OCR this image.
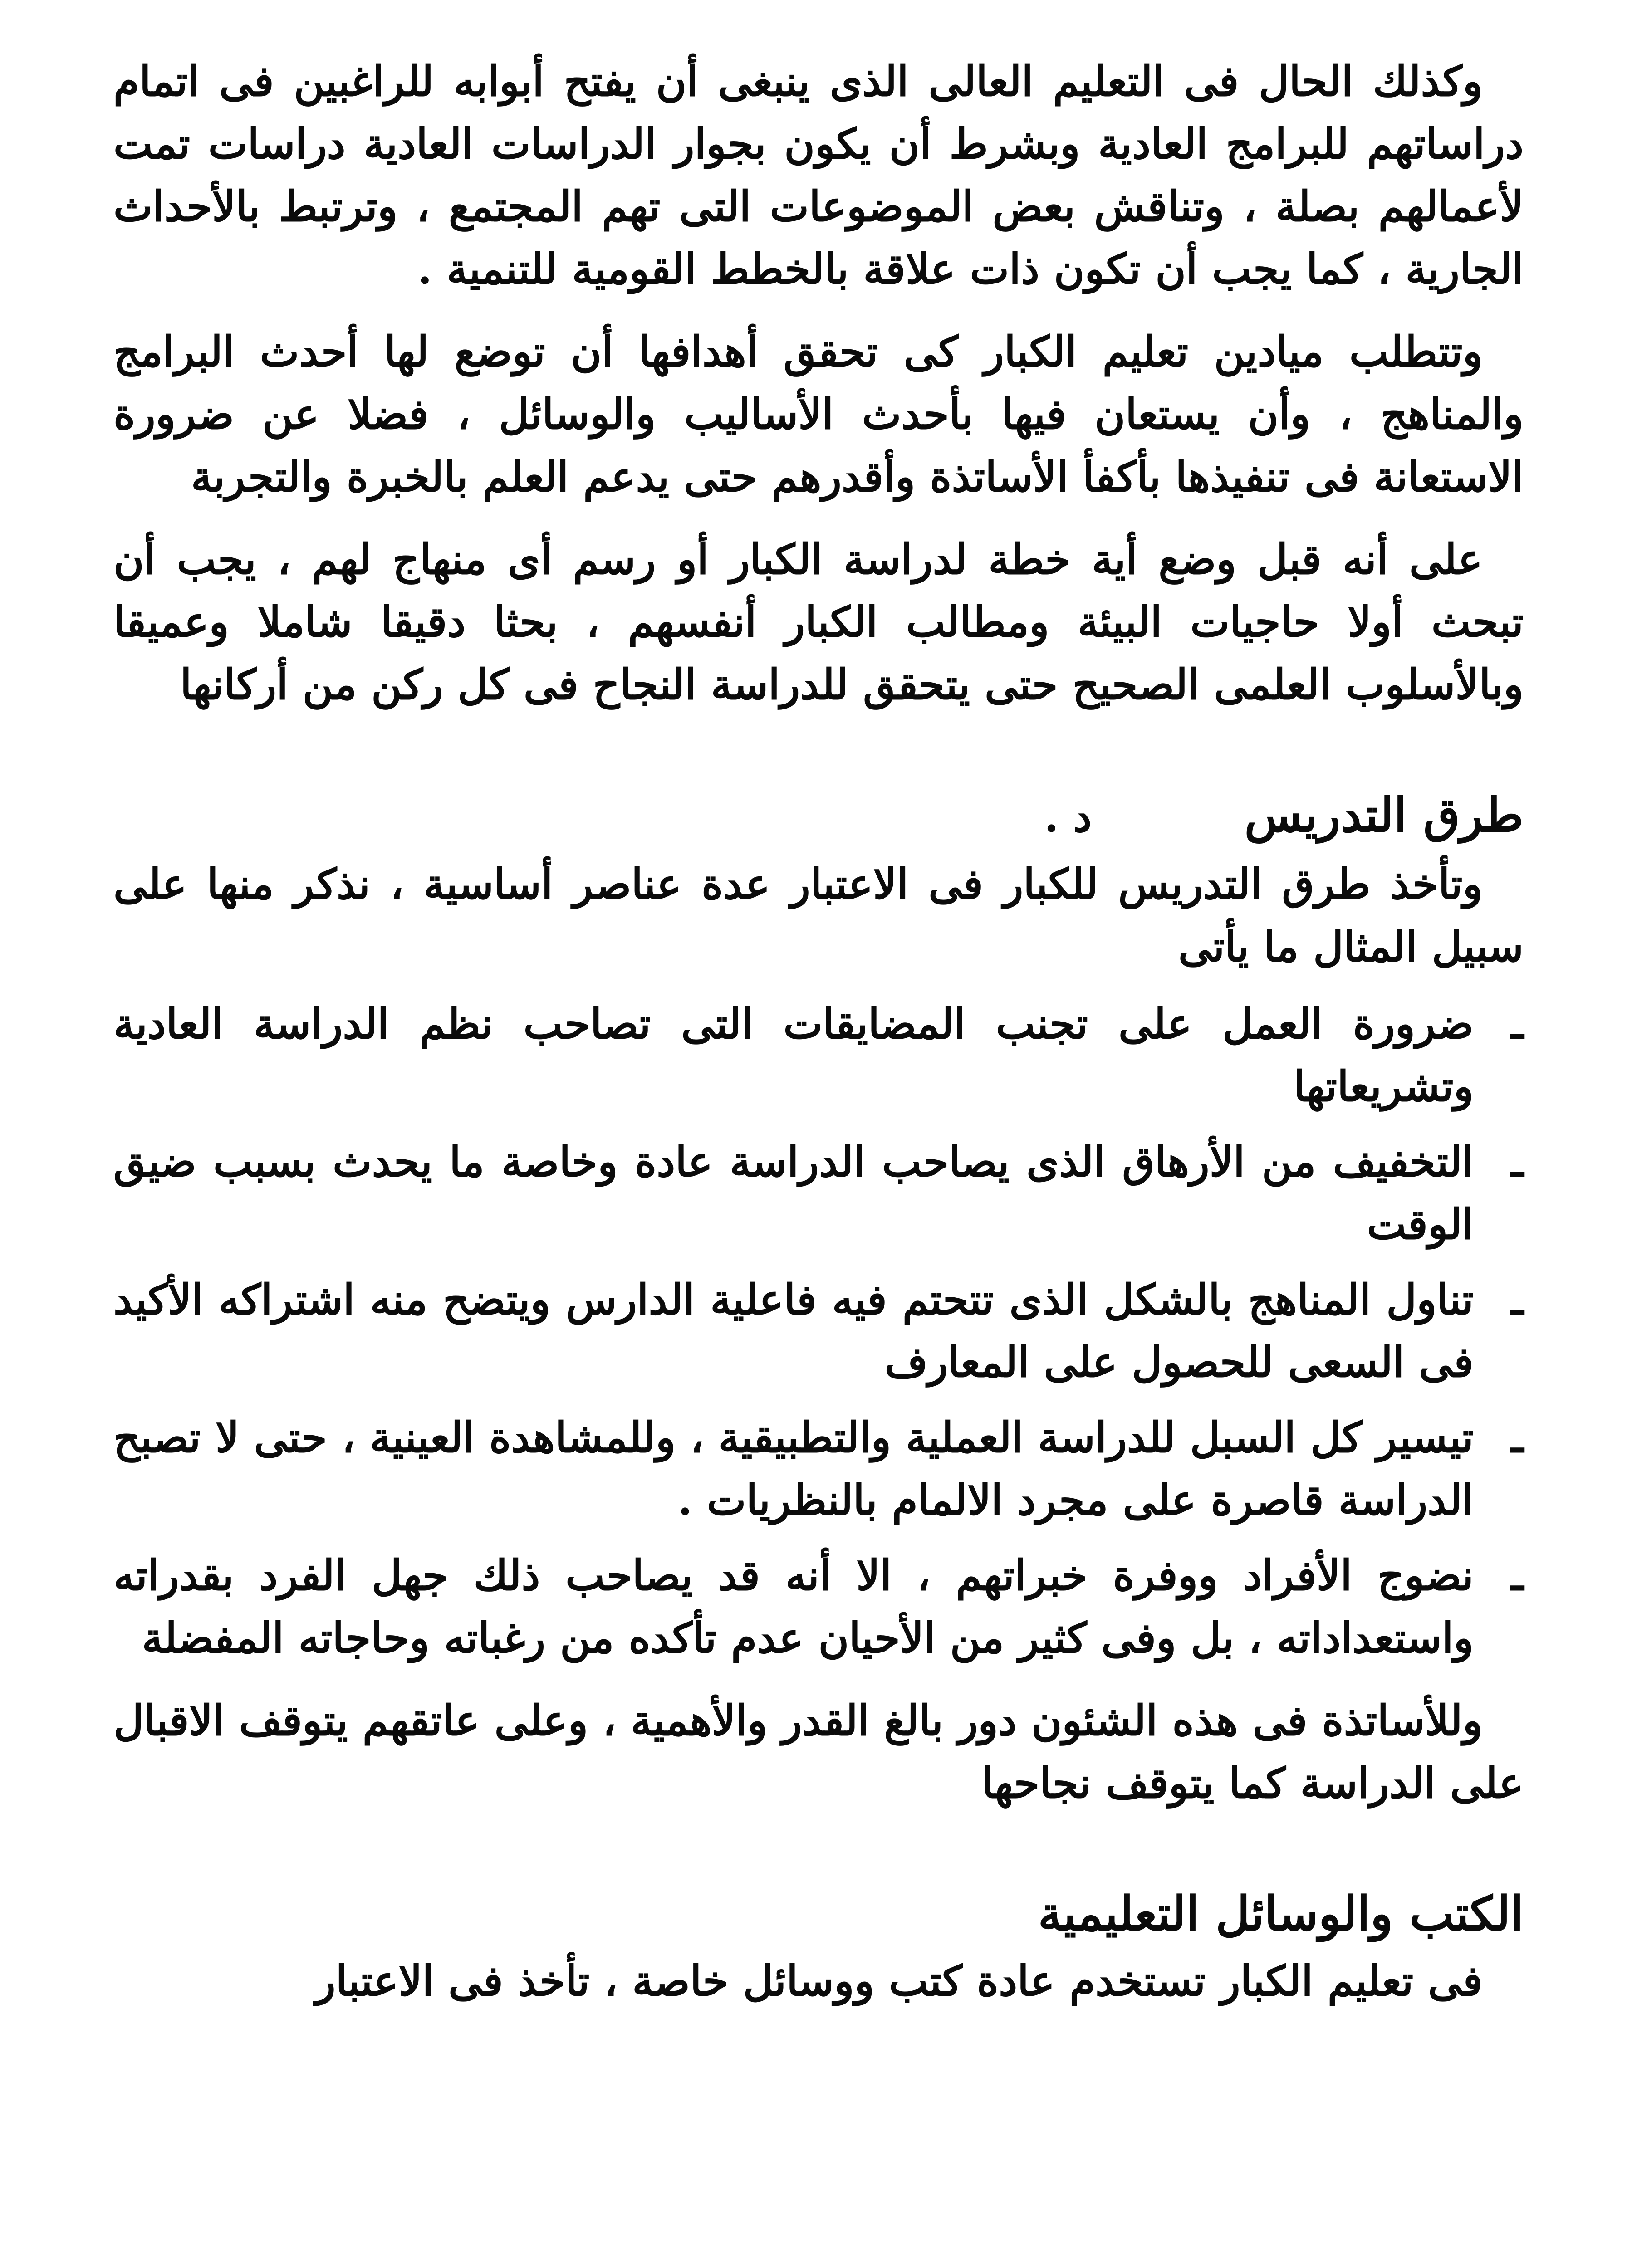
وكذلك الحال فى التعليم العالى الذى ينبغى أن يفتح أبوابه للراغبين فى اتمام دراساتهم للبرامج العادية وبشرط أن يكون بجوار الدراسات العادية دراسات تمت لأعمالهم بصلة ، وتناقش بعض الموضوعات التى تهم المجتمع ، وترتبط بالأحداث الجارية ، كما يجب أن تكون ذات علاقة بالخطط القومية للتنمية .

وتتطلب ميادين تعليم الكبار كى تحقق أهدافها أن توضع لها أحدث البرامج والمناهج ، وأن يستعان فيها بأحدث الأساليب والوسائل ، فضلا عن ضرورة الاستعانة فى تنفيذها بأكفأ الأساتذة وأقدرهم حتى يدعم العلم بالخبرة والتجربة

على أنه قبل وضع أية خطة لدراسة الكبار أو رسم أى منهاج لهم ، يجب أن تبحث أولا حاجيات البيئة ومطالب الكبار أنفسهم ، بحثا دقيقا شاملا وعميقا وبالأسلوب العلمى الصحيح حتى يتحقق للدراسة النجاح فى كل ركن من أركانها

طرق التدريس د .

وتأخذ طرق التدريس للكبار فى الاعتبار عدة عناصر أساسية ، نذكر منها على سبيل المثال ما يأتى

ـ
ضرورة العمل على تجنب المضايقات التى تصاحب نظم الدراسة العادية وتشريعاتها
ـ
التخفيف من الأرهاق الذى يصاحب الدراسة عادة وخاصة ما يحدث بسبب ضيق الوقت
ـ
تناول المناهج بالشكل الذى تتحتم فيه فاعلية الدارس ويتضح منه اشتراكه الأكيد فى السعى للحصول على المعارف
ـ
تيسير كل السبل للدراسة العملية والتطبيقية ، وللمشاهدة العينية ، حتى لا تصبح الدراسة قاصرة على مجرد الالمام بالنظريات .
ـ
نضوج الأفراد ووفرة خبراتهم ، الا أنه قد يصاحب ذلك جهل الفرد بقدراته واستعداداته ، بل وفى كثير من الأحيان عدم تأكده من رغباته وحاجاته المفضلة

وللأساتذة فى هذه الشئون دور بالغ القدر والأهمية ، وعلى عاتقهم يتوقف الاقبال على الدراسة كما يتوقف نجاحها

الكتب والوسائل التعليمية

فى تعليم الكبار تستخدم عادة كتب ووسائل خاصة ، تأخذ فى الاعتبار
